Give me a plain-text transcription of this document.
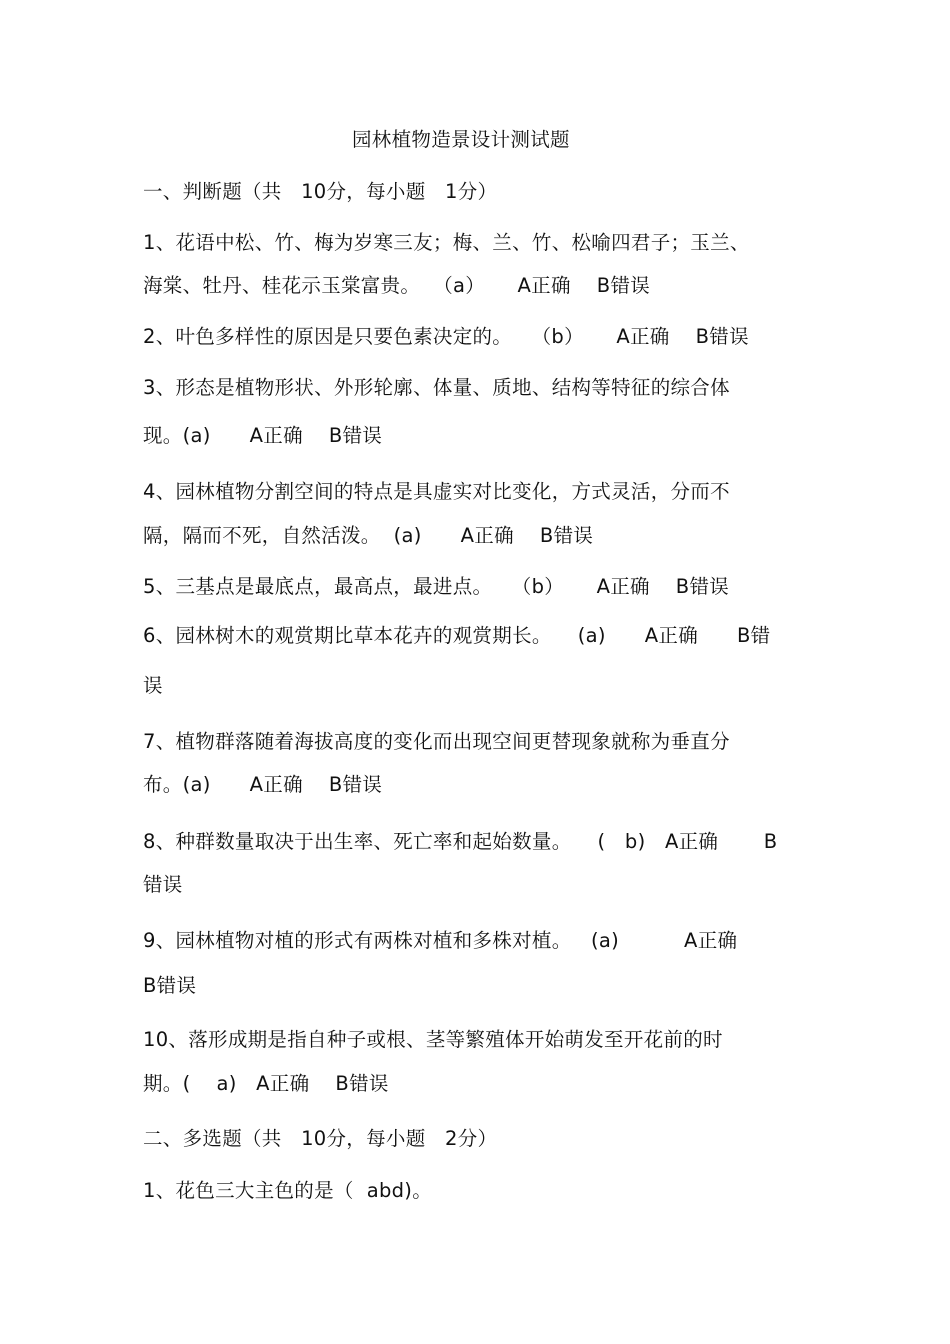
园林植物造景设计测试题
一、判断题（共   10分，每小题   1分）
1、花语中松、竹、梅为岁寒三友；梅、兰、竹、松喻四君子；玉兰、
海棠、牡丹、桂花示玉棠富贵。  （a）     A正确    B错误
2、叶色多样性的原因是只要色素决定的。   （b）     A正确    B错误
3、形态是植物形状、外形轮廓、体量、质地、结构等特征的综合体
现。(a)      A正确    B错误
4、园林植物分割空间的特点是具虚实对比变化，方式灵活，分而不
隔，隔而不死，自然活泼。  (a)      A正确    B错误
5、三基点是最底点，最高点，最进点。   （b）     A正确    B错误
6、园林树木的观赏期比草本花卉的观赏期长。    (a)      A正确      B错
误
7、植物群落随着海拔高度的变化而出现空间更替现象就称为垂直分
布。(a)      A正确    B错误
8、种群数量取决于出生率、死亡率和起始数量。    (   b)   A正确       B
错误
9、园林植物对植的形式有两株对植和多株对植。   (a)          A正确
B错误
10、落形成期是指自种子或根、茎等繁殖体开始萌发至开花前的时
期。(    a)   A正确    B错误
二、多选题（共   10分，每小题   2分）
1、花色三大主色的是（  abd)。
